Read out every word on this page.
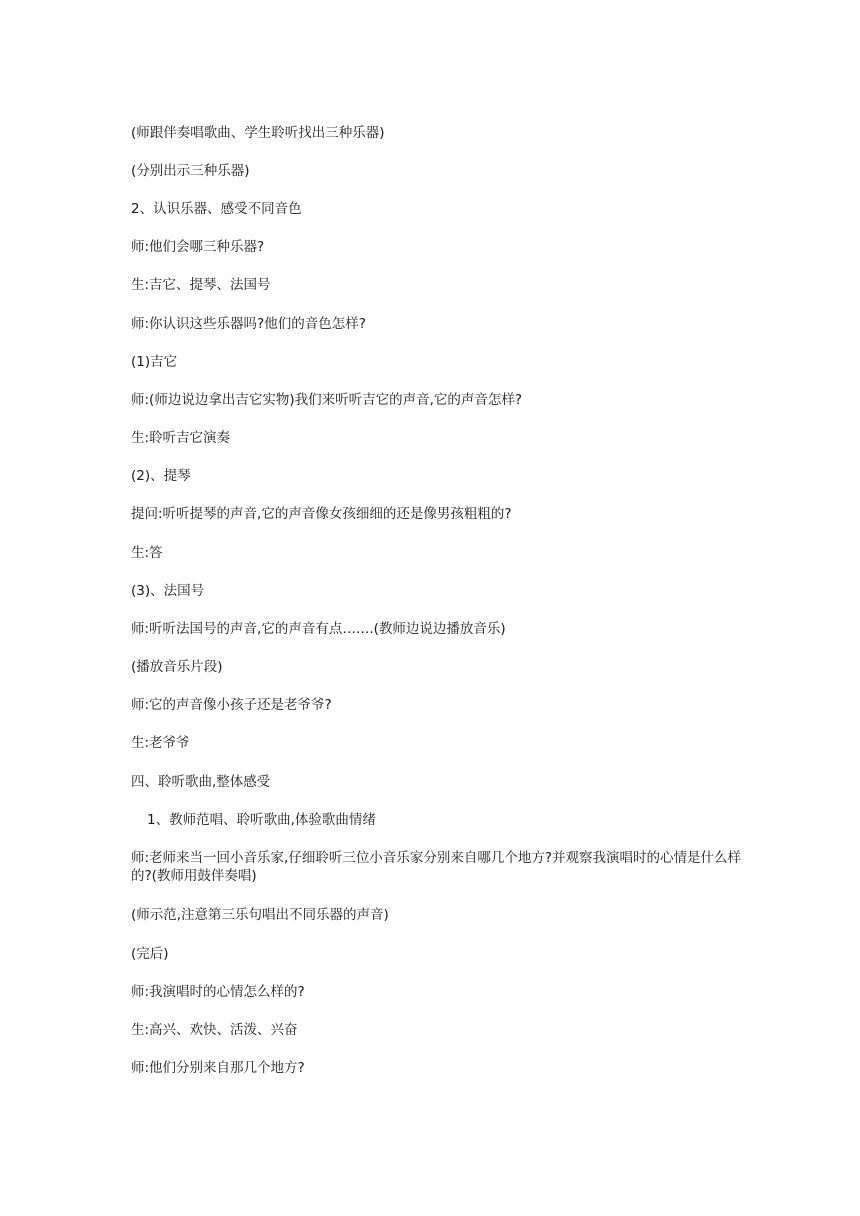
(师跟伴奏唱歌曲、学生聆听找出三种乐器)

(分别出示三种乐器)

2、认识乐器、感受不同音色

师:他们会哪三种乐器?

生:吉它、提琴、法国号

师:你认识这些乐器吗?他们的音色怎样?

(1)吉它

师:(师边说边拿出吉它实物)我们来听听吉它的声音,它的声音怎样?

生:聆听吉它演奏

(2)、提琴

提问:听听提琴的声音,它的声音像女孩细细的还是像男孩粗粗的?

生:答

(3)、法国号

师:听听法国号的声音,它的声音有点…….(教师边说边播放音乐)

(播放音乐片段)

师:它的声音像小孩子还是老爷爷?

生:老爷爷

四、聆听歌曲,整体感受

1、教师范唱、聆听歌曲,体验歌曲情绪

师:老师来当一回小音乐家,仔细聆听三位小音乐家分别来自哪几个地方?并观察我演唱时的心情是什么样的?(教师用鼓伴奏唱)

(师示范,注意第三乐句唱出不同乐器的声音)

(完后)

师:我演唱时的心情怎么样的?

生:高兴、欢快、活泼、兴奋

师:他们分别来自那几个地方?
